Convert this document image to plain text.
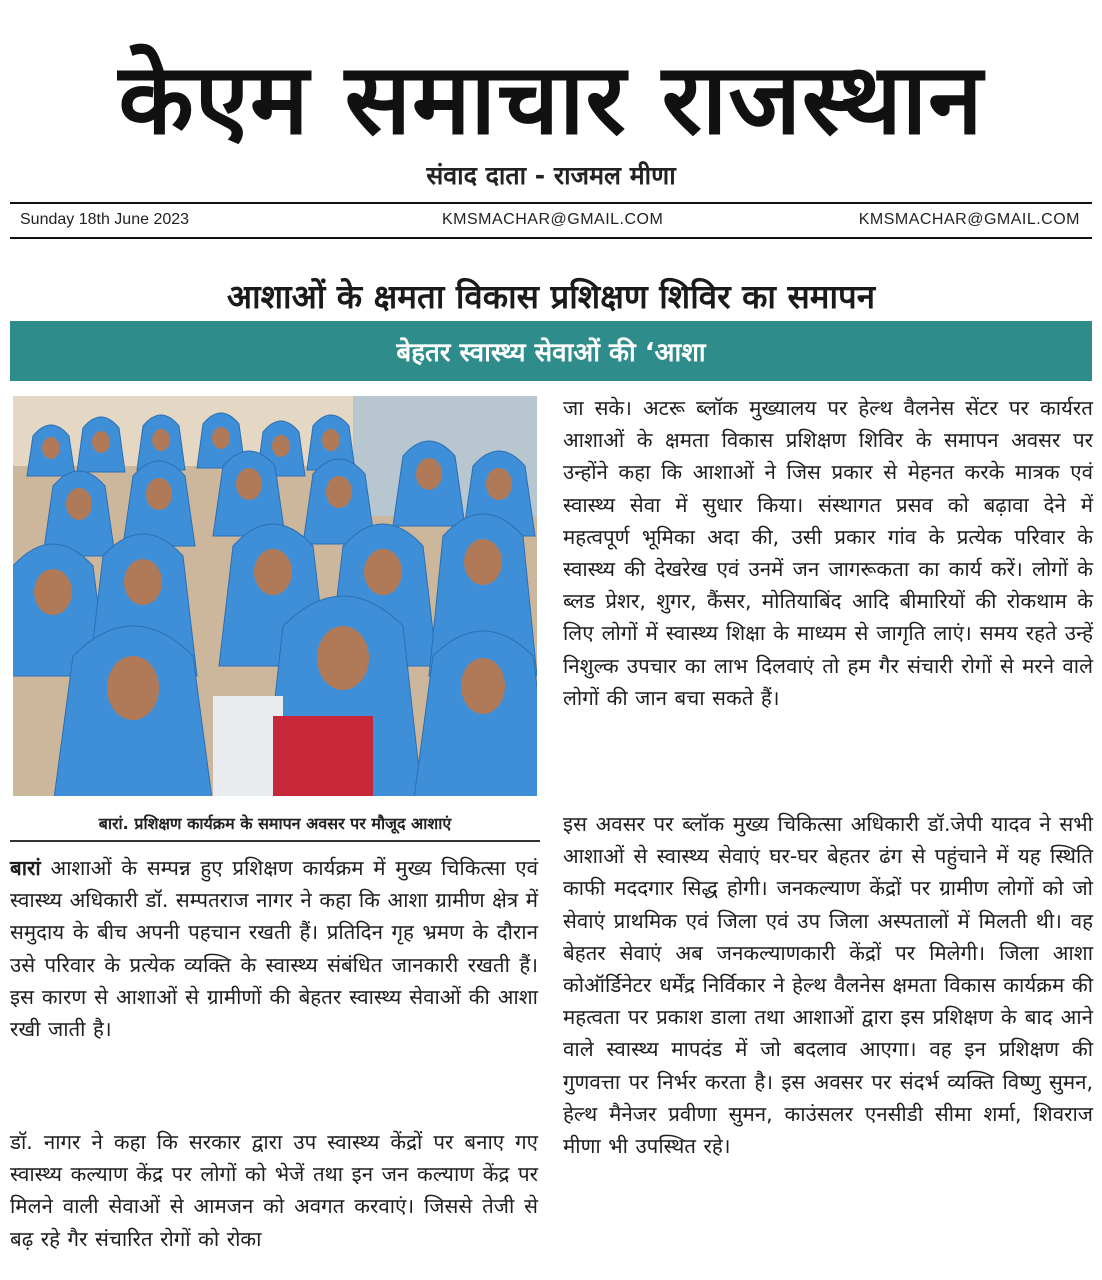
केएम समाचार राजस्थान
संवाद दाता - राजमल मीणा
Sunday 18th June 2023	KMSMACHAR@GMAIL.COM	KMSMACHAR@GMAIL.COM
आशाओं के क्षमता विकास प्रशिक्षण शिविर का समापन
बेहतर स्वास्थ्य सेवाओं की ‘आशा
बारां. प्रशिक्षण कार्यक्रम के समापन अवसर पर मौजूद आशाएं

बारां आशाओं के सम्पन्न हुए प्रशिक्षण कार्यक्रम में मुख्य चिकित्सा एवं स्वास्थ्य अधिकारी डॉ. सम्पतराज नागर ने कहा कि आशा ग्रामीण क्षेत्र में समुदाय के बीच अपनी पहचान रखती हैं। प्रतिदिन गृह भ्रमण के दौरान उसे परिवार के प्रत्येक व्यक्ति के स्वास्थ्य संबंधित जानकारी रखती हैं। इस कारण से आशाओं से ग्रामीणों की बेहतर स्वास्थ्य सेवाओं की आशा रखी जाती है।

डॉ. नागर ने कहा कि सरकार द्वारा उप स्वास्थ्य केंद्रों पर बनाए गए स्वास्थ्य कल्याण केंद्र पर लोगों को भेजें तथा इन जन कल्याण केंद्र पर मिलने वाली सेवाओं से आमजन को अवगत करवाएं। जिससे तेजी से बढ़ रहे गैर संचारित रोगों को रोका

जा सके। अटरू ब्लॉक मुख्यालय पर हेल्थ वैलनेस सेंटर पर कार्यरत आशाओं के क्षमता विकास प्रशिक्षण शिविर के समापन अवसर पर उन्होंने कहा कि आशाओं ने जिस प्रकार से मेहनत करके मात्रक एवं स्वास्थ्य सेवा में सुधार किया। संस्थागत प्रसव को बढ़ावा देने में महत्वपूर्ण भूमिका अदा की, उसी प्रकार गांव के प्रत्येक परिवार के स्वास्थ्य की देखरेख एवं उनमें जन जागरूकता का कार्य करें। लोगों के ब्लड प्रेशर, शुगर, कैंसर, मोतियाबिंद आदि बीमारियों की रोकथाम के लिए लोगों में स्वास्थ्य शिक्षा के माध्यम से जागृति लाएं। समय रहते उन्हें निशुल्क उपचार का लाभ दिलवाएं तो हम गैर संचारी रोगों से मरने वाले लोगों की जान बचा सकते हैं।

इस अवसर पर ब्लॉक मुख्य चिकित्सा अधिकारी डॉ.जेपी यादव ने सभी आशाओं से स्वास्थ्य सेवाएं घर-घर बेहतर ढंग से पहुंचाने में यह स्थिति काफी मददगार सिद्ध होगी। जनकल्याण केंद्रों पर ग्रामीण लोगों को जो सेवाएं प्राथमिक एवं जिला एवं उप जिला अस्पतालों में मिलती थी। वह बेहतर सेवाएं अब जनकल्याणकारी केंद्रों पर मिलेगी। जिला आशा कोऑर्डिनेटर धर्मेंद्र निर्विकार ने हेल्थ वैलनेस क्षमता विकास कार्यक्रम की महत्वता पर प्रकाश डाला तथा आशाओं द्वारा इस प्रशिक्षण के बाद आने वाले स्वास्थ्य मापदंड में जो बदलाव आएगा। वह इन प्रशिक्षण की गुणवत्ता पर निर्भर करता है। इस अवसर पर संदर्भ व्यक्ति विष्णु सुमन, हेल्थ मैनेजर प्रवीणा सुमन, काउंसलर एनसीडी सीमा शर्मा, शिवराज मीणा भी उपस्थित रहे।
